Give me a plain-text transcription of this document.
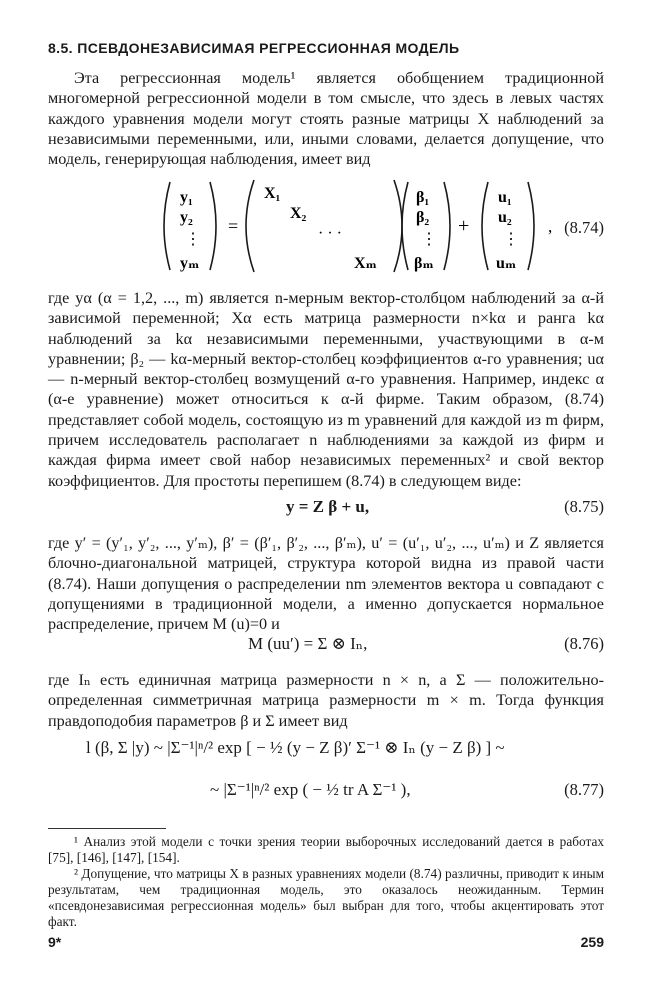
8.5. ПСЕВДОНЕЗАВИСИМАЯ РЕГРЕССИОННАЯ МОДЕЛЬ
Эта регрессионная модель¹ является обобщением традиционной многомерной регрессионной модели в том смысле, что здесь в левых частях каждого уравнения модели могут стоять разные матрицы X наблюдений за независимыми переменными, или, иными словами, делается допущение, что модель, генерирующая наблюдения, имеет вид
y₁
y₂
⋮
yₘ
=
X₁
X₂
· · ·
Xₘ
β₁
β₂
⋮
βₘ
+
u₁
u₂
⋮
uₘ
, (8.74)
где yα (α = 1,2, ..., m) является n-мерным вектор-столбцом наблюдений за α-й зависимой переменной; Xα есть матрица размерности n×kα и ранга kα наблюдений за kα независимыми переменными, участвующими в α-м уравнении; β₂ — kα-мерный вектор-столбец коэффициентов α-го уравнения; uα — n-мерный вектор-столбец возмущений α-го уравнения. Например, индекс α (α-е уравнение) может относиться к α-й фирме. Таким образом, (8.74) представляет собой модель, состоящую из m уравнений для каждой из m фирм, причем исследователь располагает n наблюдениями за каждой из фирм и каждая фирма имеет свой набор независимых переменных² и свой вектор коэффициентов. Для простоты перепишем (8.74) в следующем виде:
y = Z β + u,	(8.75)
где y′ = (y′₁, y′₂, ..., y′ₘ), β′ = (β′₁, β′₂, ..., β′ₘ), u′ = (u′₁, u′₂, ..., u′ₘ) и Z является блочно-диагональной матрицей, структура которой видна из правой части (8.74). Наши допущения о распределении nm элементов вектора u совпадают с допущениями в традиционной модели, а именно допускается нормальное распределение, причем M (u)=0 и
M (uu′) = Σ ⊗ Iₙ,	(8.76)
где Iₙ есть единичная матрица размерности n × n, а Σ — положительно-определенная симметричная матрица размерности m × m. Тогда функция правдоподобия параметров β и Σ имеет вид
l (β, Σ |y) ~ |Σ⁻¹|ⁿ/² exp [ − ½ (y − Z β)′ Σ⁻¹ ⊗ Iₙ (y − Z β) ] ~
~ |Σ⁻¹|ⁿ/² exp ( − ½ tr A Σ⁻¹ ),	(8.77)
¹ Анализ этой модели с точки зрения теории выборочных исследований дается в работах [75], [146], [147], [154].
² Допущение, что матрицы X в разных уравнениях модели (8.74) различны, приводит к иным результатам, чем традиционная модель, это оказалось неожиданным. Термин «псевдонезависимая регрессионная модель» был выбран для того, чтобы акцентировать этот факт.
9*	259
